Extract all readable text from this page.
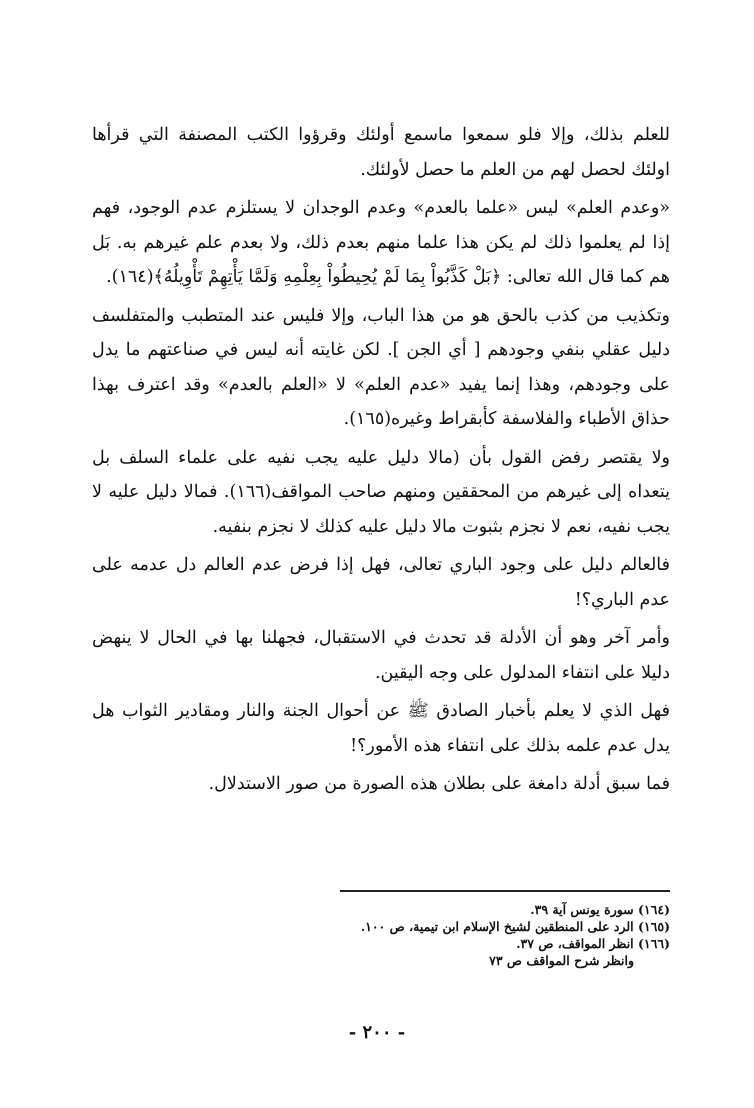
للعلم بذلك، وإلا فلو سمعوا ماسمع أولئك وقرؤوا الكتب المصنفة التي قرأها اولئك لحصل لهم من العلم ما حصل لأولئك.

«وعدم العلم» ليس «علما بالعدم» وعدم الوجدان لا يستلزم عدم الوجود، فهم إذا لم يعلموا ذلك لم يكن هذا علما منهم بعدم ذلك، ولا بعدم علم غيرهم به. بَل هم كما قال الله تعالى: ﴿بَلْ كَذَّبُواْ بِمَا لَمْ يُحِيطُواْ بِعِلْمِهِ وَلَمَّا يَأْتِهِمْ تَأْوِيلُهُ﴾(١٦٤).

وتكذيب من كذب بالحق هو من هذا الباب، وإلا فليس عند المتطبب والمتفلسف دليل عقلي بنفي وجودهم [ أي الجن ]. لكن غايته أنه ليس في صناعتهم ما يدل على وجودهم، وهذا إنما يفيد «عدم العلم» لا «العلم بالعدم» وقد اعترف بهذا حذاق الأطباء والفلاسفة كأبقراط وغيره(١٦٥).

ولا يقتصر رفض القول بأن (مالا دليل عليه يجب نفيه على علماء السلف بل يتعداه إلى غيرهم من المحققين ومنهم صاحب المواقف(١٦٦). فمالا دليل عليه لا يجب نفيه، نعم لا نجزم بثبوت مالا دليل عليه كذلك لا نجزم بنفيه.

فالعالم دليل على وجود الباري تعالى، فهل إذا فرض عدم العالم دل عدمه على عدم الباري؟!

وأمر آخر وهو أن الأدلة قد تحدث في الاستقبال، فجهلنا بها في الحال لا ينهض دليلا على انتفاء المدلول على وجه اليقين.

فهل الذي لا يعلم بأخبار الصادق ﷺ عن أحوال الجنة والنار ومقادير الثواب هل يدل عدم علمه بذلك على انتفاء هذه الأمور؟!

فما سبق أدلة دامغة على بطلان هذه الصورة من صور الاستدلال.

(١٦٤) سورة يونس آية ٣٩.
(١٦٥) الرد على المنطقين لشيخ الإسلام ابن تيمية، ص ١٠٠.
(١٦٦) انظر المواقف، ص ٣٧.
وانظر شرح المواقف ص ٧٣
- ٢٠٠ -
